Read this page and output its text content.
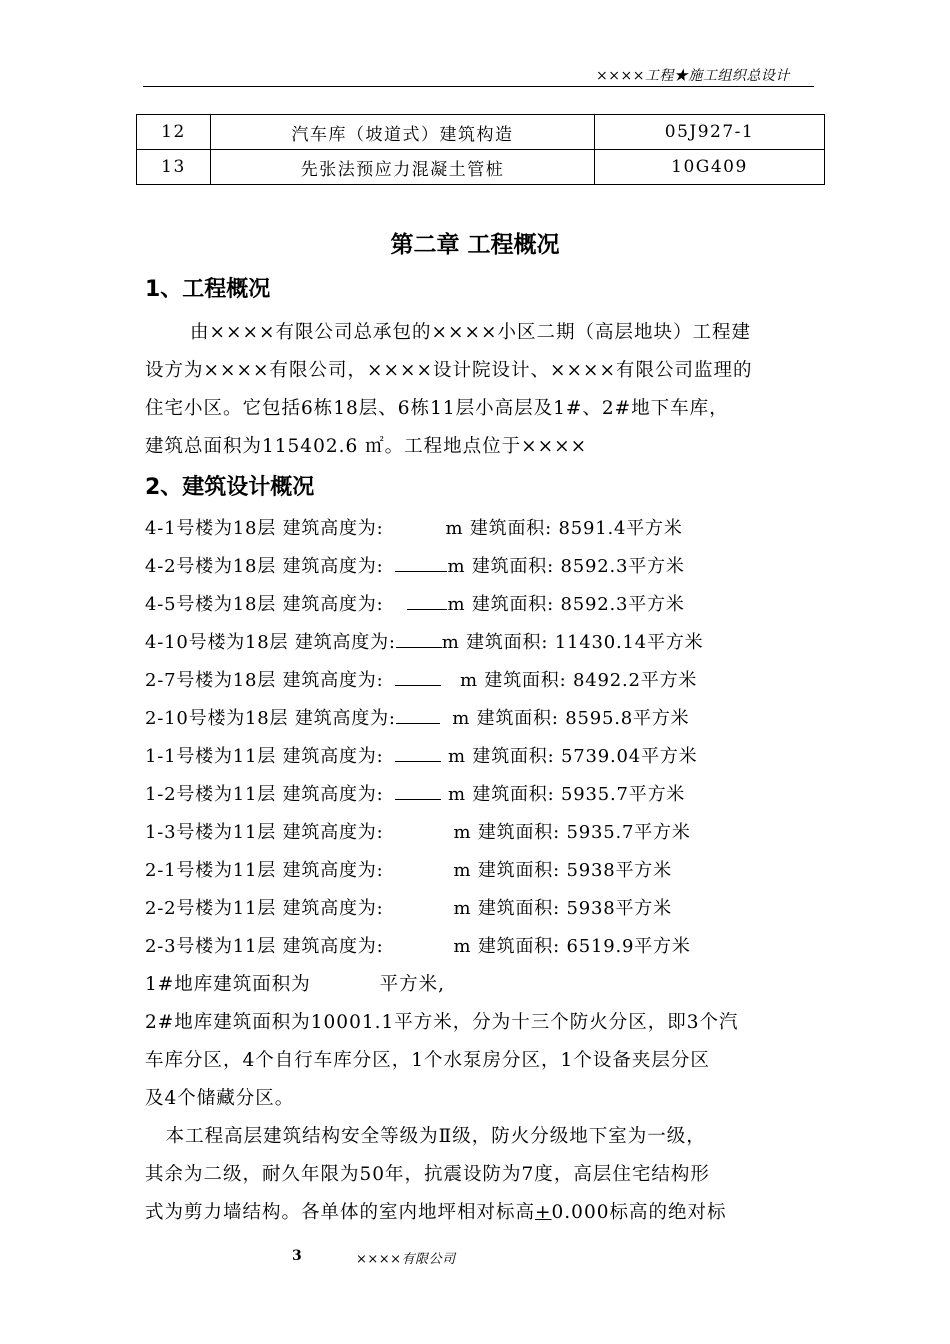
××××工程★施工组织总设计
12	汽车库（坡道式）建筑构造	05J927-1
13	先张法预应力混凝土管桩	10G409
第二章 工程概况
1、工程概况
由××××有限公司总承包的××××小区二期（高层地块）工程建
设方为××××有限公司，××××设计院设计、××××有限公司监理的
住宅小区。它包括6栋18层、6栋11层小高层及1#、2#地下车库，
建筑总面积为115402.6 ㎡。工程地点位于××××
2、建筑设计概况
4-1号楼为18层 建筑高度为:	m 建筑面积: 8591.4平方米
4-2号楼为18层 建筑高度为:	m 建筑面积: 8592.3平方米
4-5号楼为18层 建筑高度为:	m 建筑面积: 8592.3平方米
4-10号楼为18层 建筑高度为:	m 建筑面积: 11430.14平方米
2-7号楼为18层 建筑高度为:	m 建筑面积: 8492.2平方米
2-10号楼为18层 建筑高度为:	m 建筑面积: 8595.8平方米
1-1号楼为11层 建筑高度为:	m 建筑面积: 5739.04平方米
1-2号楼为11层 建筑高度为:	m 建筑面积: 5935.7平方米
1-3号楼为11层 建筑高度为:	m 建筑面积: 5935.7平方米
2-1号楼为11层 建筑高度为:	m 建筑面积: 5938平方米
2-2号楼为11层 建筑高度为:	m 建筑面积: 5938平方米
2-3号楼为11层 建筑高度为:	m 建筑面积: 6519.9平方米
1#地库建筑面积为          平方米,
2#地库建筑面积为10001.1平方米，分为十三个防火分区，即3个汽
车库分区，4个自行车库分区，1个水泵房分区，1个设备夹层分区
及4个储藏分区。
本工程高层建筑结构安全等级为Ⅱ级，防火分级地下室为一级，
其余为二级，耐久年限为50年，抗震设防为7度，高层住宅结构形
式为剪力墙结构。各单体的室内地坪相对标高+0.000标高的绝对标
3	××××有限公司
